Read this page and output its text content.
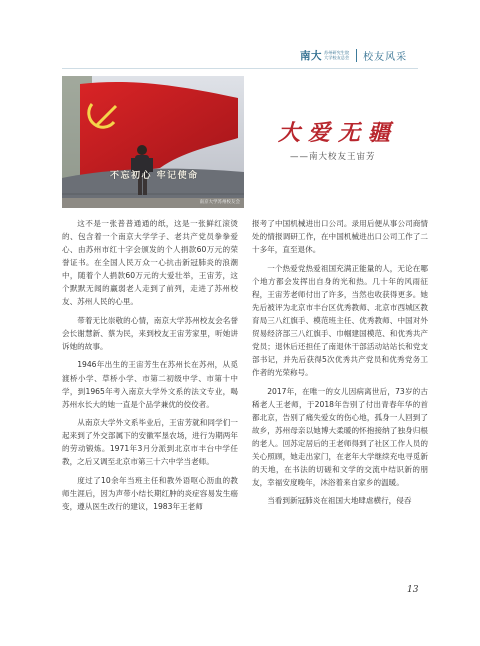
南大 苏州研究生院
大学校友总会 校友风采
不忘初心 牢记使命
南京大学苏州校友会
大爱无疆
——南大校友王宙芳

这不是一张普普通通的纸，这是一张鲜红滚烫的、包含着一个南京大学学子、老共产党员拳拳爱心、由苏州市红十字会颁发的个人捐款60万元的荣誉证书。在全国人民万众一心抗击新冠肺炎的浪潮中，随着个人捐款60万元的大爱壮举，王宙芳，这个默默无闻的赢弱老人走到了前列，走进了苏州校友、苏州人民的心里。

带着无比崇敬的心情，南京大学苏州校友会名誉会长谢慧新、蔡为民，来到校友王宙芳家里，听她讲诉她的故事。

1946年出生的王宙芳生在苏州长在苏州，从觅渡桥小学、草桥小学、市第二初级中学、市第十中学，到1965年考入南京大学外文系的法文专业，喝苏州水长大的她一直是个品学兼优的佼佼者。

从南京大学外文系毕业后，王宙芳就和同学们一起来到了外交部属下的安徽军垦农场，进行为期两年的劳动锻炼。1971年3月分派到北京市丰台中学任教，之后又调至北京市第三十六中学当老师。

度过了10余年当班主任和教外语呕心沥血的教师生涯后，因为声带小结长期红肿的炎症容易发生癌变，遵从医生改行的建议，1983年王老师

报考了中国机械进出口公司。录用后便从事公司商情处的情报调研工作，在中国机械进出口公司工作了二十多年，直至退休。

一个热爱党热爱祖国充满正能量的人，无论在哪个地方都会发挥出自身的光和热。几十年的风雨征程，王宙芳老师付出了许多，当然也收获得更多。她先后被评为北京市丰台区优秀教师、北京市西城区教育局三八红旗手、模范班主任、优秀教师、中国对外贸易经济部三八红旗手、巾帼建国模范、和优秀共产党员；退休后还担任了南退休干部活动站站长和党支部书记，并先后获得5次优秀共产党员和优秀党务工作者的光荣称号。

2017年，在唯一的女儿因病离世后，73岁的古稀老人王老师，于2018年告别了付出青春年华的首都北京，告别了痛失爱女的伤心地，孤身一人回到了故乡，苏州母亲以她博大柔暖的怀抱接纳了独身归根的老人。回苏定居后的王老师得到了社区工作人员的关心照顾，她走出家门，在老年大学继续充电寻觅新的天地，在书法的切磋和文学的交流中结识新的朋友，幸福安度晚年，沐浴着来自家乡的温暖。

当看到新冠肺炎在祖国大地肆虐横行，侵吞

13
